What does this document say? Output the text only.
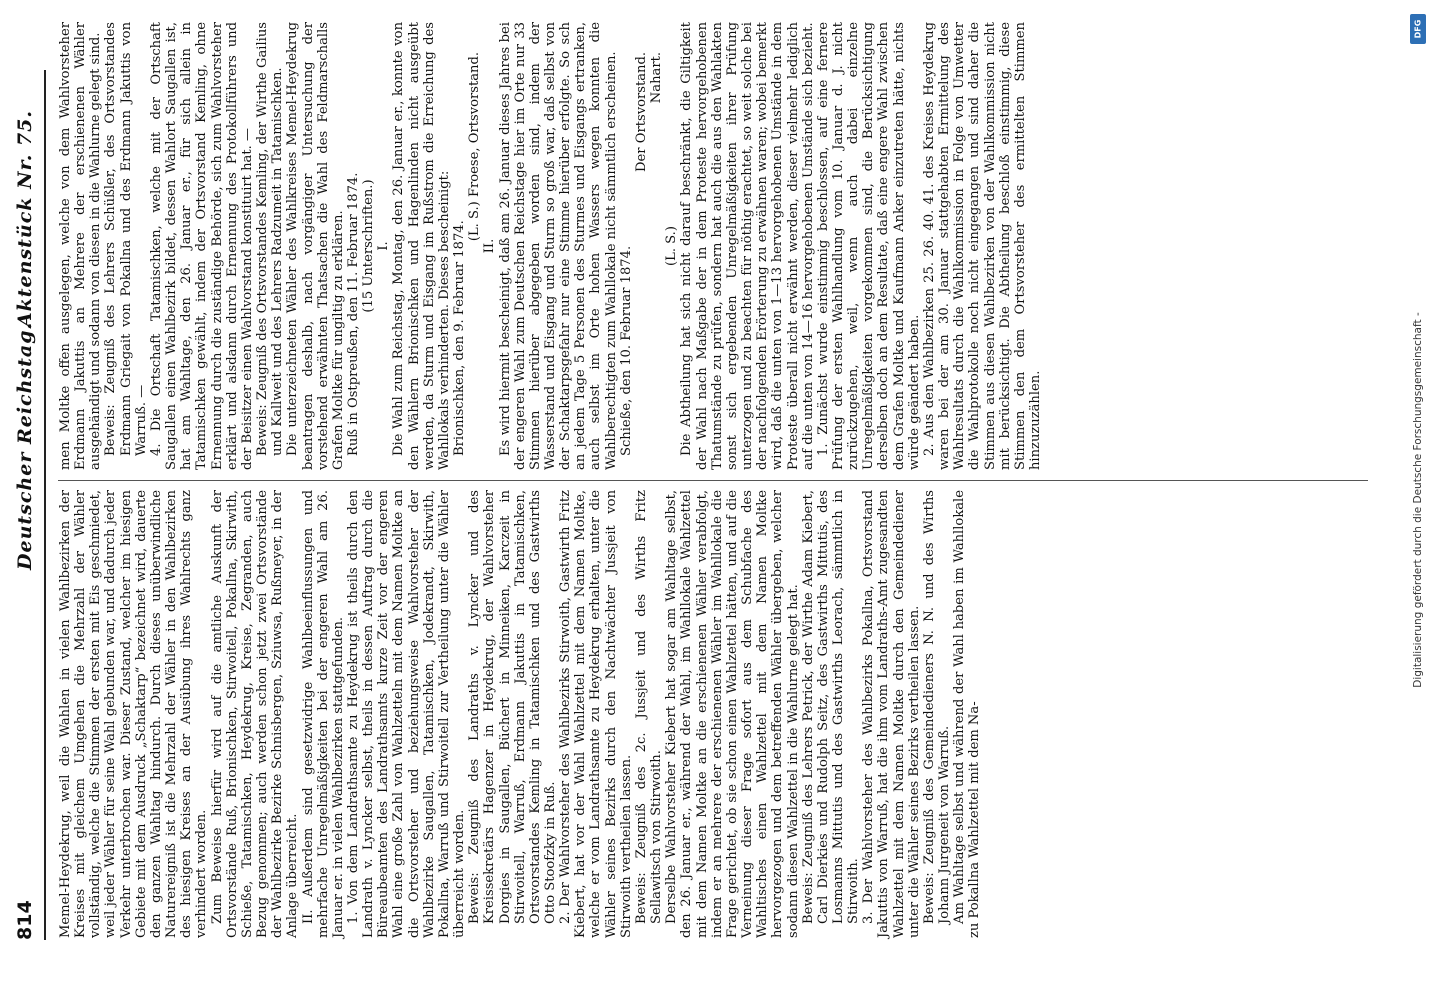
814
Deutscher Reichstag.
Aktenstück Nr. 75.

Memel-Heydekrug, weil die Wahlen in vielen Wahlbezirken der Kreises mit gleichem Umgehen die Mehrzahl der Wähler vollständig, welche die Stimmen der ersten mit Eis geschmiedet, weil jeder Wähler für seine Wahl gebunden war, und dadurch jeder Verkehr unterbrochen war. Dieser Zustand, welcher im hiesigen Gebiete mit dem Ausdruck „Schaktarp“ bezeichnet wird, dauerte den ganzen Wahltag hindurch. Durch dieses unüberwindliche Naturereigniß ist die Mehrzahl der Wähler in den Wahlbezirken des hiesigen Kreises an der Ausübung ihres Wahlrechts ganz verhindert worden. Zum Beweise hierfür wird auf die amtliche Auskunft der Ortsvorstände Ruß, Brionischken, Stirwoitell, Pokallna, Skirwith, Schieße, Tatamischken, Heydekrug, Kreise, Zegranden, auch Bezug genommen; auch werden schon jetzt zwei Ortsvorstände der Wahlbezirke Bezirke Schnisbergen, Sziuwsa, Rußmeyer, in der Anlage überreicht. II. Außerdem sind gesetzwidrige Wahlbeeinflussungen und mehrfache Unregelmäßigkeiten bei der engeren Wahl am 26. Januar er. in vielen Wahlbezirken stattgefunden. 1. Von dem Landrathsamte zu Heydekrug ist theils durch den Landrath v. Lyncker selbst, theils in dessen Auftrag durch die Büreaubeamten des Landrathsamts kurze Zeit vor der engeren Wahl eine große Zahl von Wahlzetteln mit dem Namen Moltke an die Ortsvorsteher und beziehungsweise Wahlvorsteher der Wahlbezirke Saugallen, Tatamischken, Jodekrandt, Skirwith, Pokallna, Warruß und Stirwoitell zur Vertheilung unter die Wähler überreicht worden. Beweis: Zeugniß des Landraths v. Lyncker und des Kreissekretärs Hagenzer in Heydekrug, der Wahlvorsteher Dorgies in Saugallen, Büchert in Minneiken, Karczeit in Stirwoitell, Warruß, Erdmann Jakuttis in Tatamischken, Ortsvorstandes Kemling in Tatamischken und des Gastwirths Otto Stoofzky in Ruß. 2. Der Wahlvorsteher des Wahlbezirks Stirwoith, Gastwirth Fritz Kiebert, hat vor der Wahl Wahlzettel mit dem Namen Moltke, welche er vom Landrathsamte zu Heydekrug erhalten, unter die Wähler seines Bezirks durch den Nachtwächter Jussjeit von Stirwoith vertheilen lassen. Beweis: Zeugniß des 2c. Jussjeit und des Wirths Fritz Sellawitsch von Stirwoith. Derselbe Wahlvorsteher Kiebert hat sogar am Wahltage selbst, den 26. Januar er., während der Wahl, im Wahllokale Wahlzettel mit dem Namen Moltke an die erschienenen Wähler verabfolgt, indem er an mehrere der erschienenen Wähler im Wahllokale die Frage gerichtet, ob sie schon einen Wahlzettel hätten, und auf die Verneinung dieser Frage sofort aus dem Schubfache des Wahltisches einen Wahlzettel mit dem Namen Moltke hervorgezogen und dem betreffenden Wähler übergeben, welcher sodann diesen Wahlzettel in die Wahlurne gelegt hat. Beweis: Zeugniß des Lehrers Petrick, der Wirthe Adam Kiebert, Carl Dierkies und Rudolph Seitz, des Gastwirths Mittutis, des Losmanns Mittutis und des Gastwirths Leorach, sämmtlich in Stirwoith. 3. Der Wahlvorsteher des Wahlbezirks Pokallna, Ortsvorstand Jakuttis von Warruß, hat die ihm vom Landraths-Amt zugesandten Wahlzettel mit dem Namen Moltke durch den Gemeindediener unter die Wähler seines Bezirks vertheilen lassen. Beweis: Zeugniß des Gemeindedieners N. N. und des Wirths Johann Jurgeneit von Warruß. Am Wahltage selbst und während der Wahl haben im Wahllokale zu Pokallna Wahlzettel mit dem Na-

men Moltke offen ausgelegen, welche von dem Wahlvorsteher Erdmann Jakuttis an Mehrere der erschienenen Wähler ausgehändigt und sodann von diesen in die Wahlurne gelegt sind. Beweis: Zeugniß des Lehrers Schüßler, des Ortsvorstandes Erdmann Griegait von Pokallna und des Erdmann Jakuttis von Warruß. — 4. Die Ortschaft Tatamischken, welche mit der Ortschaft Saugallen einen Wahlbezirk bildet, dessen Wahlort Saugallen ist, hat am Wahltage, den 26. Januar er., für sich allein in Tatamischken gewählt, indem der Ortsvorstand Kemling, ohne Ernennung durch die zuständige Behörde, sich zum Wahlvorsteher erklärt und alsdann durch Ernennung des Protokollführers und der Beisitzer einen Wahlvorstand konstituirt hat. — Beweis: Zeugniß des Ortsvorstandes Kemling, der Wirthe Gailius und Kallweit und des Lehrers Radzumeit in Tatamischken. Die unterzeichneten Wähler des Wahlkreises Memel-Heydekrug beantragen deshalb, nach vorgängiger Untersuchung der vorstehend erwähnten Thatsachen die Wahl des Feldmarschalls Grafen Moltke für ungiltig zu erklären. Ruß in Ostpreußen, den 11. Februar 1874. (15 Unterschriften.) I. Die Wahl zum Reichstag, Montag, den 26. Januar er., konnte von den Wählern Brionischken und Hagenlinden nicht ausgeübt werden, da Sturm und Eisgang im Rußstrom die Erreichung des Wahllokals verhinderten. Dieses bescheinigt: Brionischken, den 9. Februar 1874.

(L. S.) Froese, Ortsvorstand.

II. Es wird hiermit bescheinigt, daß am 26. Januar dieses Jahres bei der engeren Wahl zum Deutschen Reichstage hier im Orte nur 33 Stimmen hierüber abgegeben worden sind, indem der Wasserstand und Eisgang und Sturm so groß war, daß selbst von der Schaktarpsgefahr nur eine Stimme hierüber erfolgte. So sch an jedem Tage 5 Personen des Sturmes und Eisgangs ertranken, auch selbst im Orte hohen Wassers wegen konnten die Wahlberechtigten zum Wahllokale nicht sämmtlich erscheinen. Schieße, den 10. Februar 1874.

Der Ortsvorstand. Nahart.

(L. S.) Die Abtheilung hat sich nicht darauf beschränkt, die Giltigkeit der Wahl nach Maßgabe der in dem Proteste hervorgehobenen Thatumstände zu prüfen, sondern hat auch die aus den Wahlakten sonst sich ergebenden Unregelmäßigkeiten ihrer Prüfung unterzogen und zu beachten für nöthig erachtet, so weit solche bei der nachfolgenden Erörterung zu erwähnen waren; wobei bemerkt wird, daß die unten von 1—13 hervorgehobenen Umstände in dem Proteste überall nicht erwähnt werden, dieser vielmehr lediglich auf die unten von 14—16 hervorgehobenen Umstände sich bezieht. 1. Zunächst wurde einstimmig beschlossen, auf eine fernere Prüfung der ersten Wahlhandlung vom 10. Januar d. J. nicht zurückzugehen, weil, wenn auch dabei einzelne Unregelmäßigkeiten vorgekommen sind, die Berücksichtigung derselben doch an dem Resultate, daß eine engere Wahl zwischen dem Grafen Moltke und Kaufmann Anker einzutreten hätte, nichts würde geändert haben. 2. Aus den Wahlbezirken 25. 26. 40. 41. des Kreises Heydekrug waren bei der am 30. Januar stattgehabten Ermittelung des Wahlresultats durch die Wahlkommission in Folge von Umwetter die Wahlprotokolle noch nicht eingegangen und sind daher die Stimmen aus diesen Wahlbezirken von der Wahlkommission nicht mit berücksichtigt. Die Abtheilung beschloß einstimmig, diese Stimmen den dem Ortsvorsteher des ermittelten Stimmen hinzuzuzählen.

DFG
Digitalisierung gefördert durch die Deutsche Forschungsgemeinschaft -
